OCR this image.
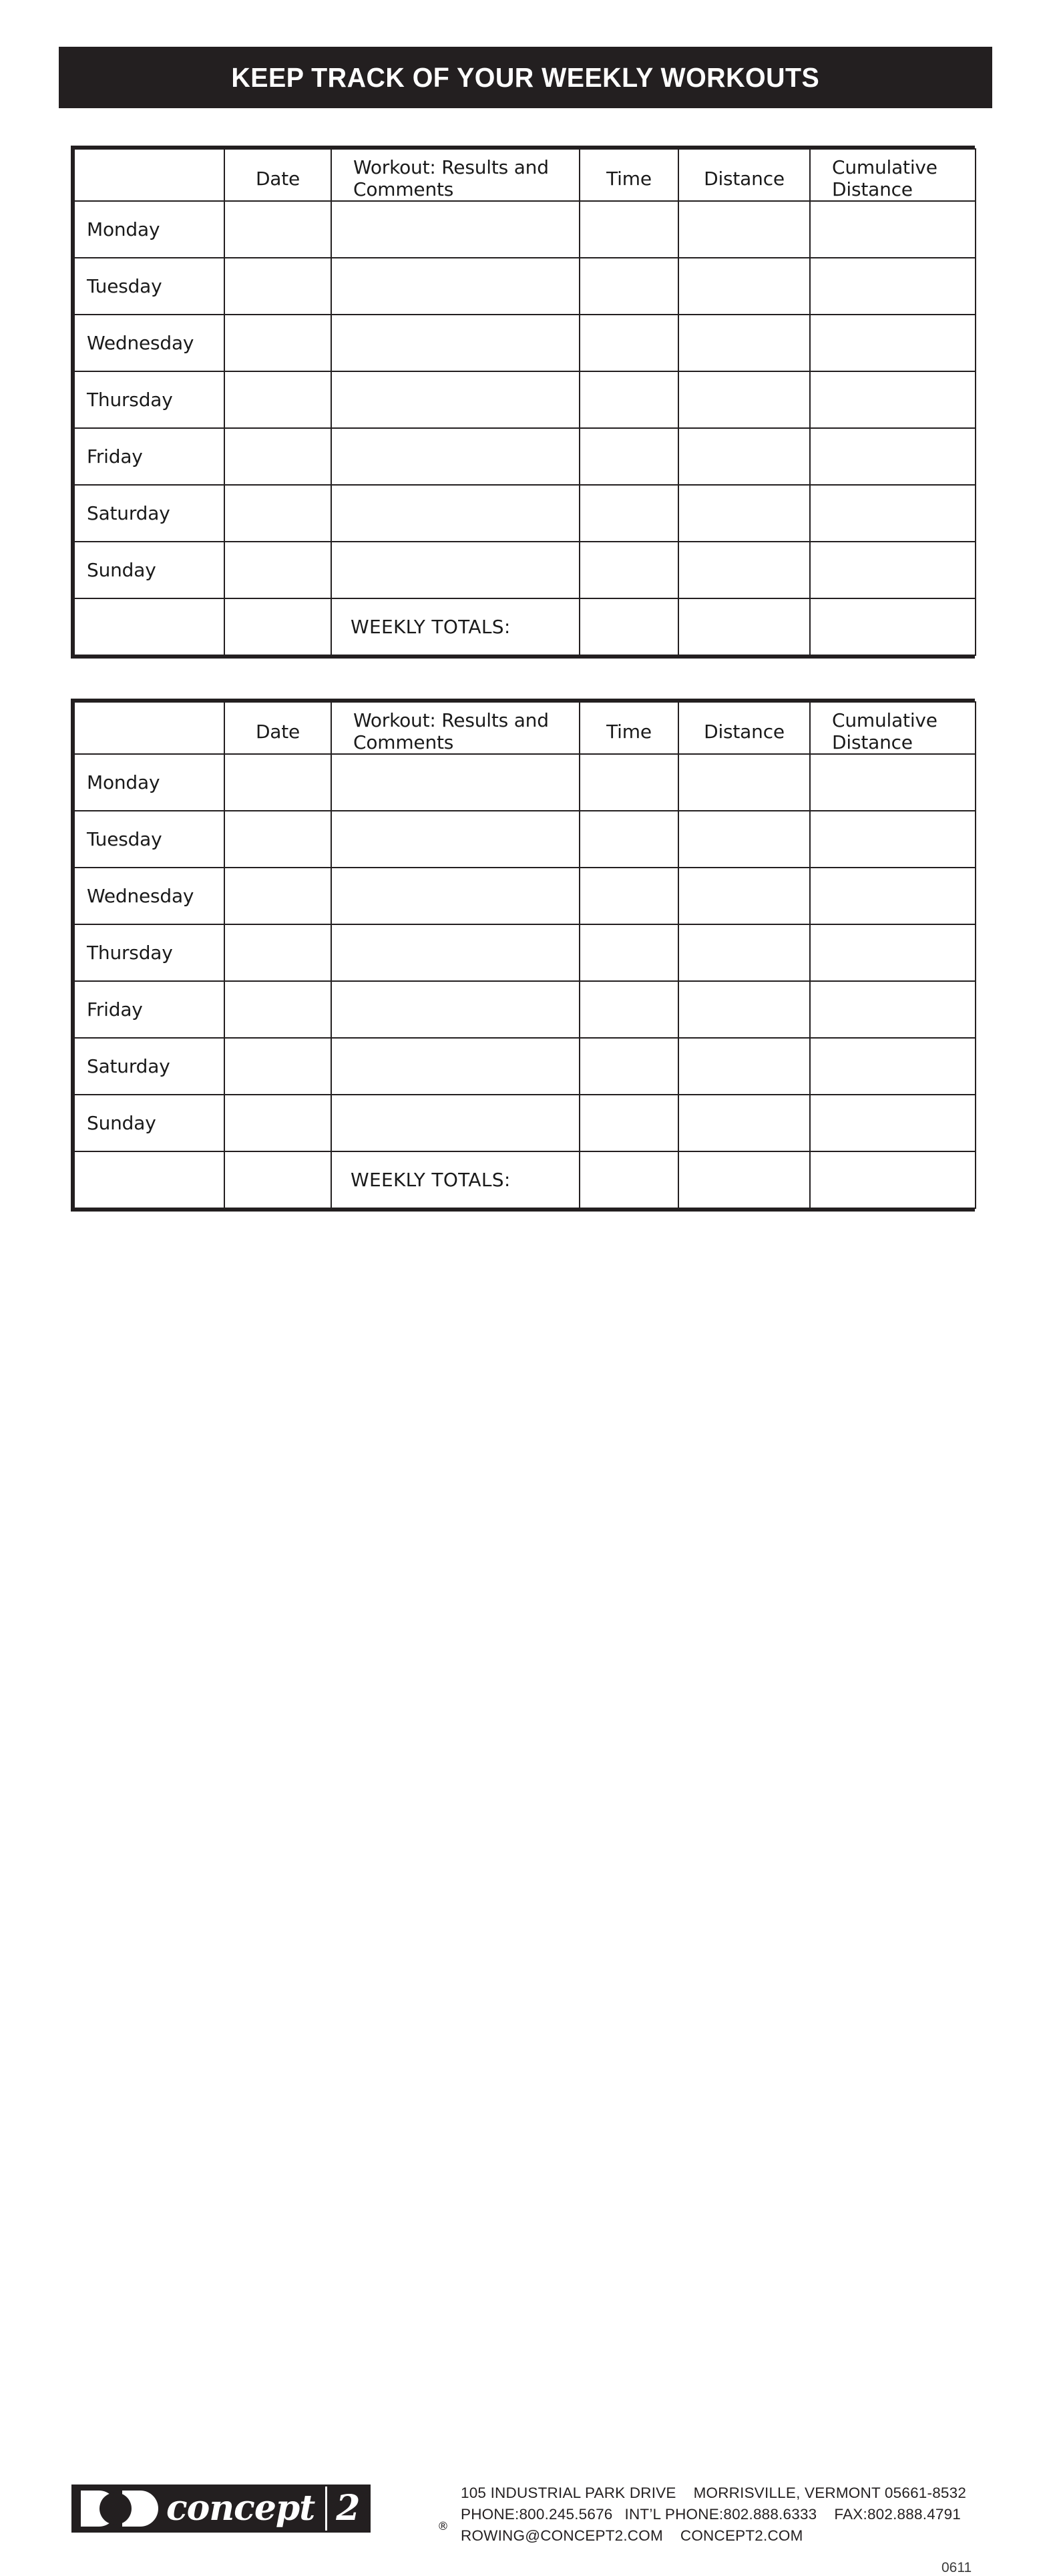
KEEP TRACK OF YOUR WEEKLY WORKOUTS

	Date	Workout: Results and Comments	Time	Distance	Cumulative Distance

Monday					

Tuesday					

Wednesday					

Thursday					

Friday					

Saturday					

Sunday					

		WEEKLY TOTALS:			

	Date	Workout: Results and Comments	Time	Distance	Cumulative Distance

Monday					

Tuesday					

Wednesday					

Thursday					

Friday					

Saturday					

Sunday					

		WEEKLY TOTALS:			

concept 2	®
105 INDUSTRIAL PARK DRIVE MORRISVILLE, VERMONT 05661-8532
PHONE:800.245.5676 INT’L PHONE:802.888.6333 FAX:802.888.4791
ROWING@CONCEPT2.COM CONCEPT2.COM
0611
